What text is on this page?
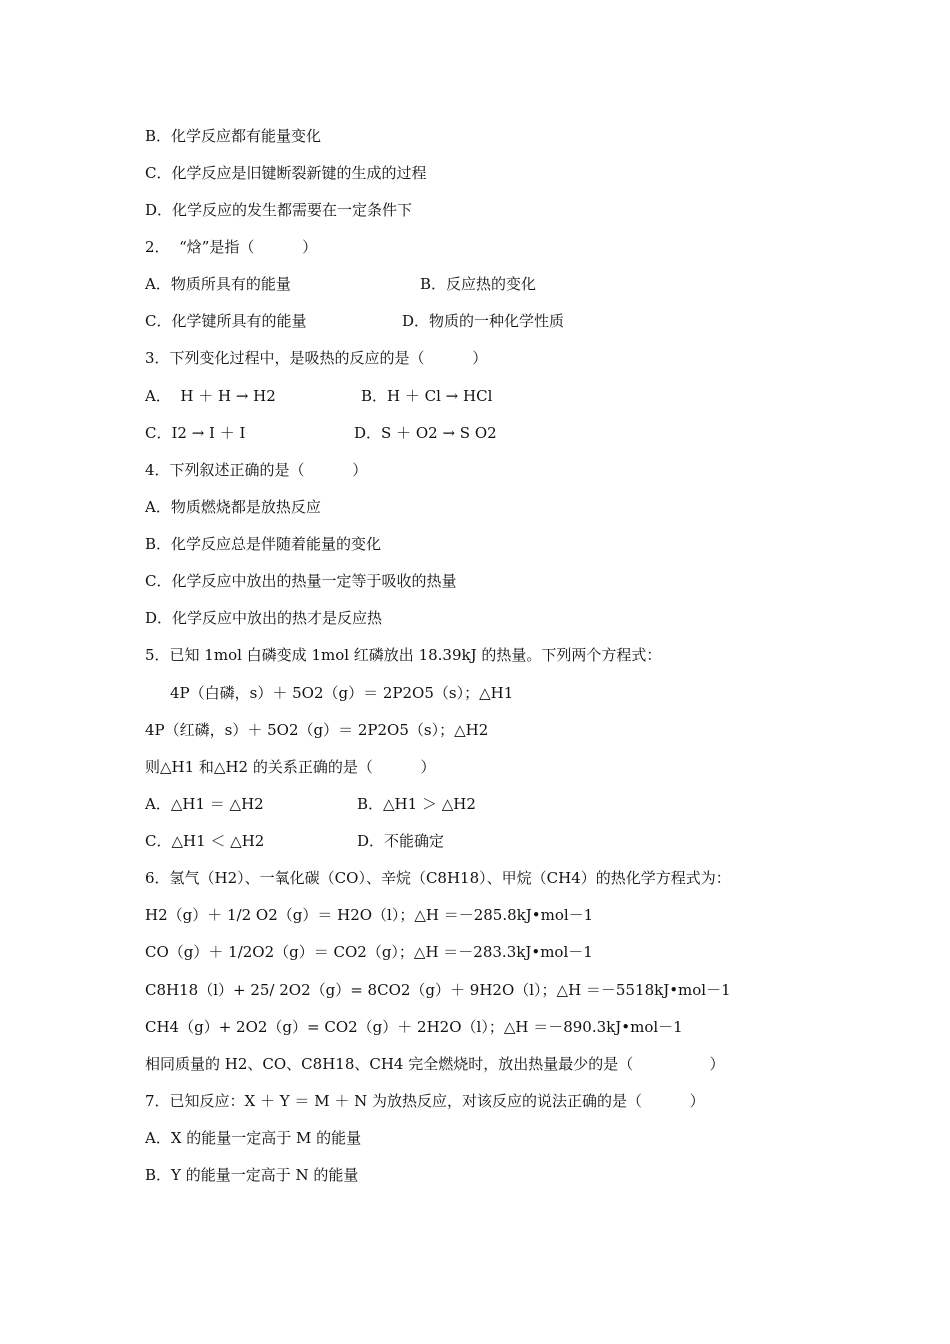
B．化学反应都有能量变化
C．化学反应是旧键断裂新键的生成的过程
D．化学反应的发生都需要在一定条件下
2．  “焓”是指（          ）
A．物质所具有的能量	B．反应热的变化
C．化学键所具有的能量	D．物质的一种化学性质
3．下列变化过程中，是吸热的反应的是（          ）
A．  H ＋ H → H2	B．H ＋ Cl → HCl
C．I2 → I ＋ I	D．S ＋ O2 → S O2
4．下列叙述正确的是（          ）
A．物质燃烧都是放热反应
B．化学反应总是伴随着能量的变化
C．化学反应中放出的热量一定等于吸收的热量
D．化学反应中放出的热才是反应热
5．已知 1mol 白磷变成 1mol 红磷放出 18.39kJ 的热量。下列两个方程式：
4P（白磷，s）＋ 5O2（g）＝ 2P2O5（s）；△H1
4P（红磷，s）＋ 5O2（g）＝ 2P2O5（s）；△H2
则△H1 和△H2 的关系正确的是（          ）
A．△H1 ＝ △H2	B．△H1 ＞ △H2
C．△H1 ＜ △H2	D．不能确定
6．氢气（H2）、一氧化碳（CO）、辛烷（C8H18）、甲烷（CH4）的热化学方程式为：
H2（g）＋ 1/2 O2（g）＝ H2O（l）；△H ＝－285.8kJ•mol－1
CO（g）＋ 1/2O2（g）＝ CO2（g）；△H ＝－283.3kJ•mol－1
C8H18（l）+ 25/ 2O2（g）= 8CO2（g）＋ 9H2O（l）；△H ＝－5518kJ•mol－1
CH4（g）+ 2O2（g）= CO2（g）＋ 2H2O（l）；△H ＝－890.3kJ•mol－1
相同质量的 H2、CO、C8H18、CH4 完全燃烧时，放出热量最少的是（                ）
7．已知反应：X ＋ Y ＝ M ＋ N 为放热反应，对该反应的说法正确的是（          ）
A．X 的能量一定高于 M 的能量
B．Y 的能量一定高于 N 的能量
